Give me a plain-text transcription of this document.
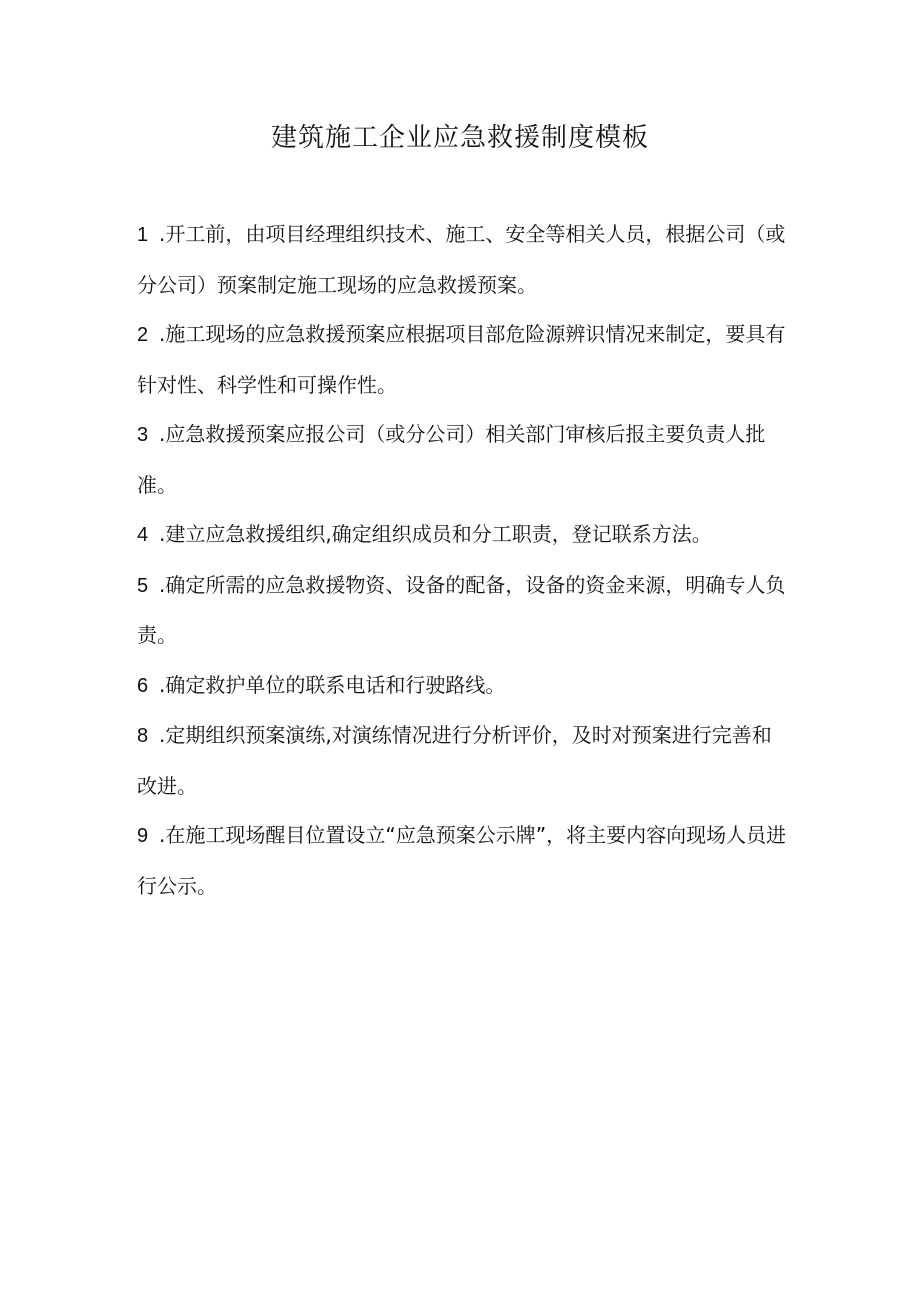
建筑施工企业应急救援制度模板
1 .开工前，由项目经理组织技术、施工、安全等相关人员，根据公司（或分公司）预案制定施工现场的应急救援预案。
2 .施工现场的应急救援预案应根据项目部危险源辨识情况来制定，要具有针对性、科学性和可操作性。
3 .应急救援预案应报公司（或分公司）相关部门审核后报主要负责人批准。
4 .建立应急救援组织,确定组织成员和分工职责，登记联系方法。
5 .确定所需的应急救援物资、设备的配备，设备的资金来源，明确专人负责。
6 .确定救护单位的联系电话和行驶路线。
8 .定期组织预案演练,对演练情况进行分析评价，及时对预案进行完善和改进。
9 .在施工现场醒目位置设立“应急预案公示牌”，将主要内容向现场人员进行公示。
